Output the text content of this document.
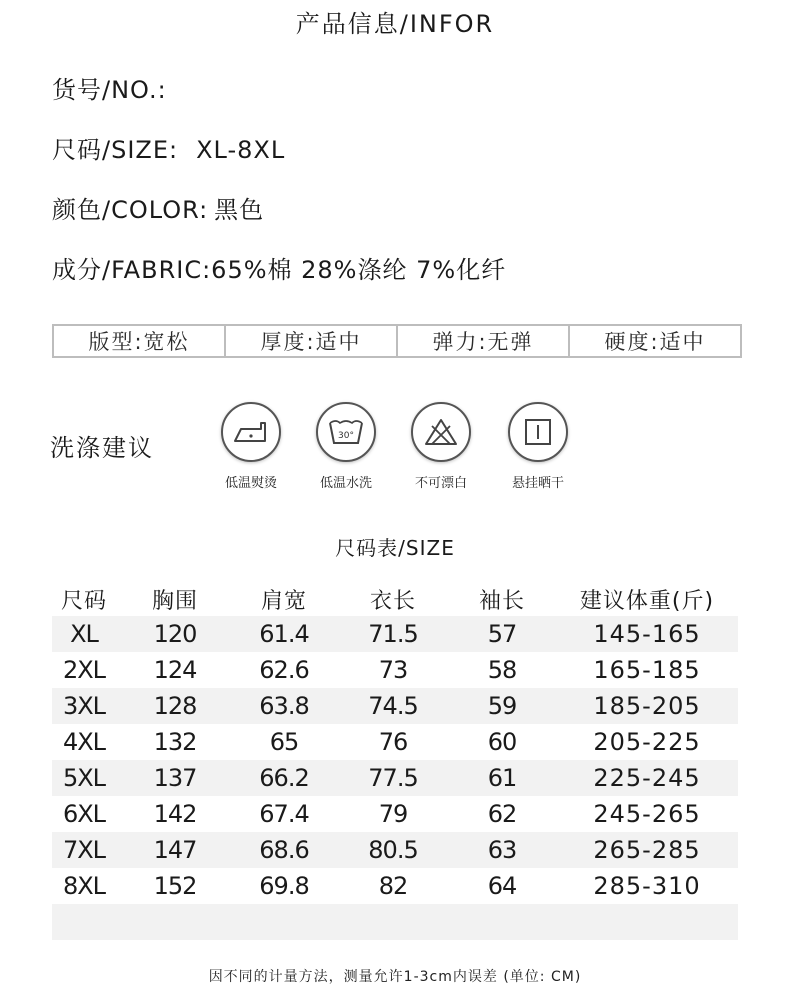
产品信息/INFOR
货号/NO.:
尺码/SIZE: XL-8XL
颜色/COLOR: 黑色
成分/FABRIC:65%棉 28%涤纶 7%化纤
版型:宽松	厚度:适中	弹力:无弹	硬度:适中
洗涤建议
低温熨烫
30°
低温水洗	不可漂白	悬挂晒干
尺码表/SIZE
尺码	胸围	肩宽	衣长	袖长	建议体重(斤)
XL	120	61.4	71.5	57	145-165
2XL	124	62.6	73	58	165-185
3XL	128	63.8	74.5	59	185-205
4XL	132	65	76	60	205-225
5XL	137	66.2	77.5	61	225-245
6XL	142	67.4	79	62	245-265
7XL	147	68.6	80.5	63	265-285
8XL	152	69.8	82	64	285-310
因不同的计量方法，测量允许1-3cm内误差 (单位: CM)
